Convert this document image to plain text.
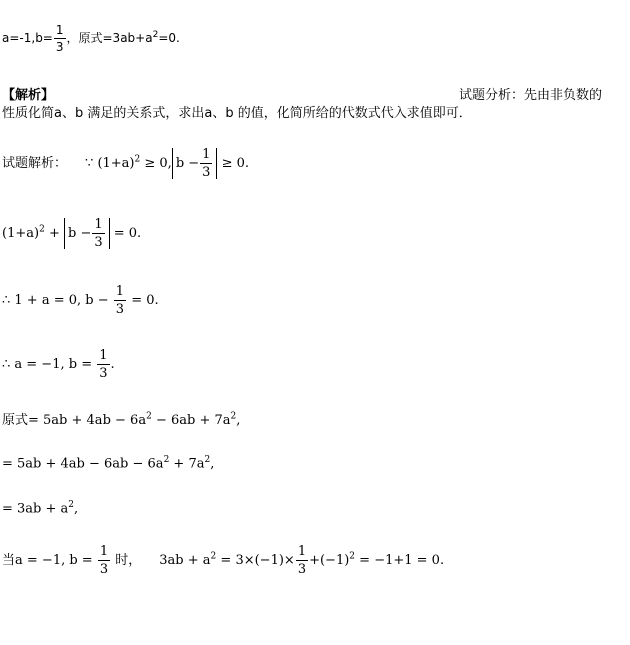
$a=-1,b= \frac{1}{3}$ ，原式$=3ab+a^2=0$.
【解析】	试题分析：先由非负数的
性质化简a、b 满足的关系式，求出a、b 的值，化简所给的代数式代入求值即可．
试题解析： ∵ $(1+a)^2 \ge 0$, $b - \frac{1}{3} \ge 0$.
$(1+a)^2 + b - \frac{1}{3} = 0$.
∴ 1 + a = 0, $b - \frac{1}{3} = 0$.
∴ a = −1, $b = \frac{1}{3}$ .
原式= $5ab + 4ab - 6a^2 - 6ab + 7a^2$,
= $5ab + 4ab - 6ab - 6a^2 + 7a^2$,
= $3ab + a^2$,
当a = −1, $b = \frac{1}{3}$ 时， $3ab + a^2 = 3\times(-1)\times \frac{1}{3} +(-1)^2 = -1+1 = 0$.
